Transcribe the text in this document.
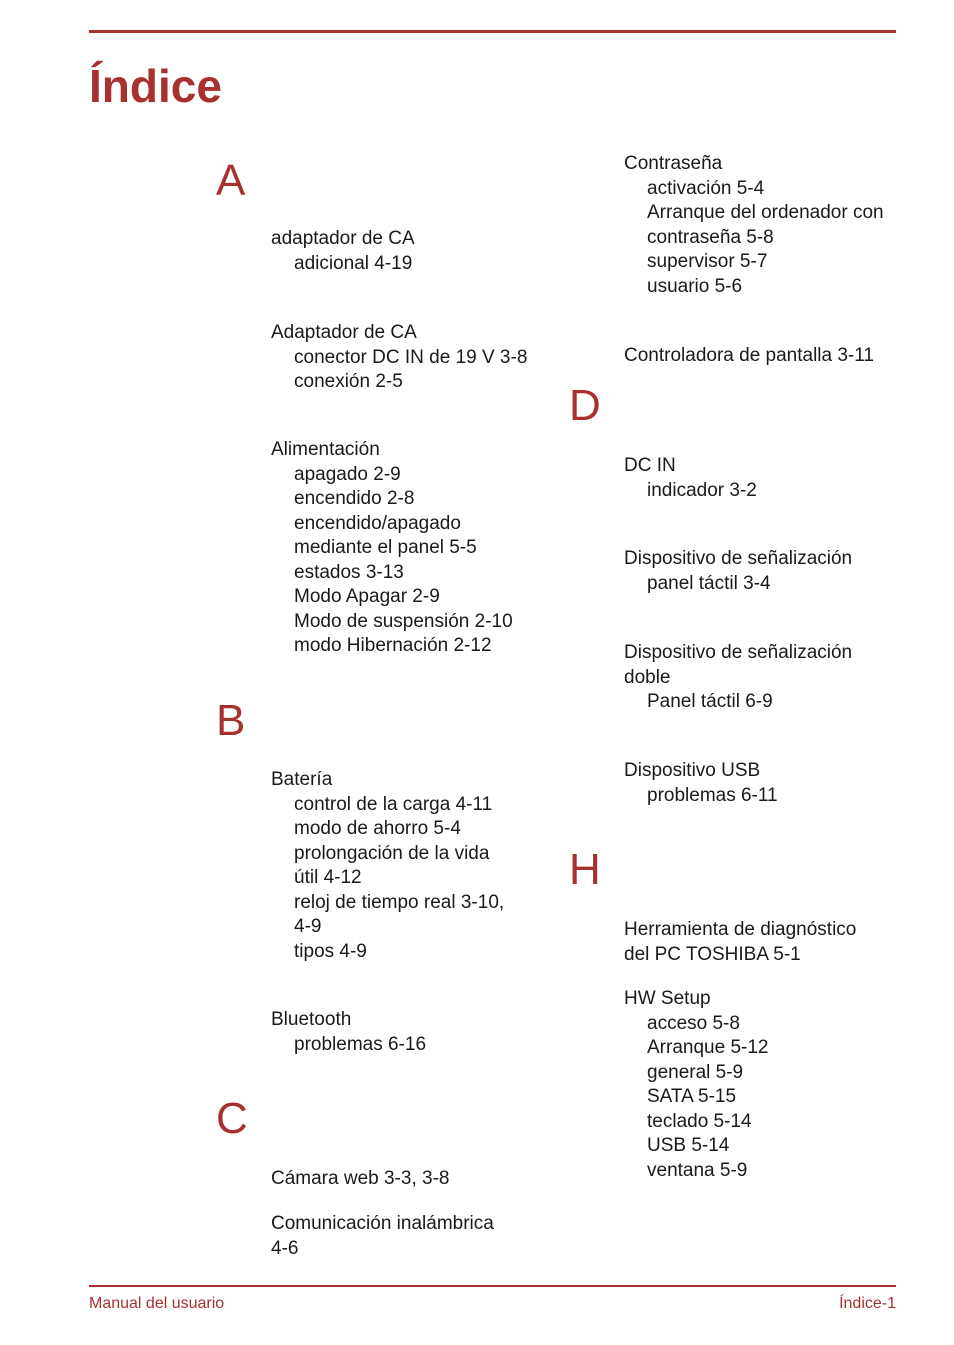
Índice
A
B
C
D
H
adaptador de CA
adicional 4-19
Adaptador de CA
conector DC IN de 19 V 3-8
conexión 2-5
Alimentación
apagado 2-9
encendido 2-8
encendido/apagado
mediante el panel 5-5
estados 3-13
Modo Apagar 2-9
Modo de suspensión 2-10
modo Hibernación 2-12
Batería
control de la carga 4-11
modo de ahorro 5-4
prolongación de la vida
útil 4-12
reloj de tiempo real 3-10,
4-9
tipos 4-9
Bluetooth
problemas 6-16
Cámara web 3-3, 3-8
Comunicación inalámbrica
4-6
Contraseña
activación 5-4
Arranque del ordenador con
contraseña 5-8
supervisor 5-7
usuario 5-6
Controladora de pantalla 3-11
DC IN
indicador 3-2
Dispositivo de señalización
panel táctil 3-4
Dispositivo de señalización
doble
Panel táctil 6-9
Dispositivo USB
problemas 6-11
Herramienta de diagnóstico
del PC TOSHIBA 5-1
HW Setup
acceso 5-8
Arranque 5-12
general 5-9
SATA 5-15
teclado 5-14
USB 5-14
ventana 5-9
Manual del usuario	Índice-1
